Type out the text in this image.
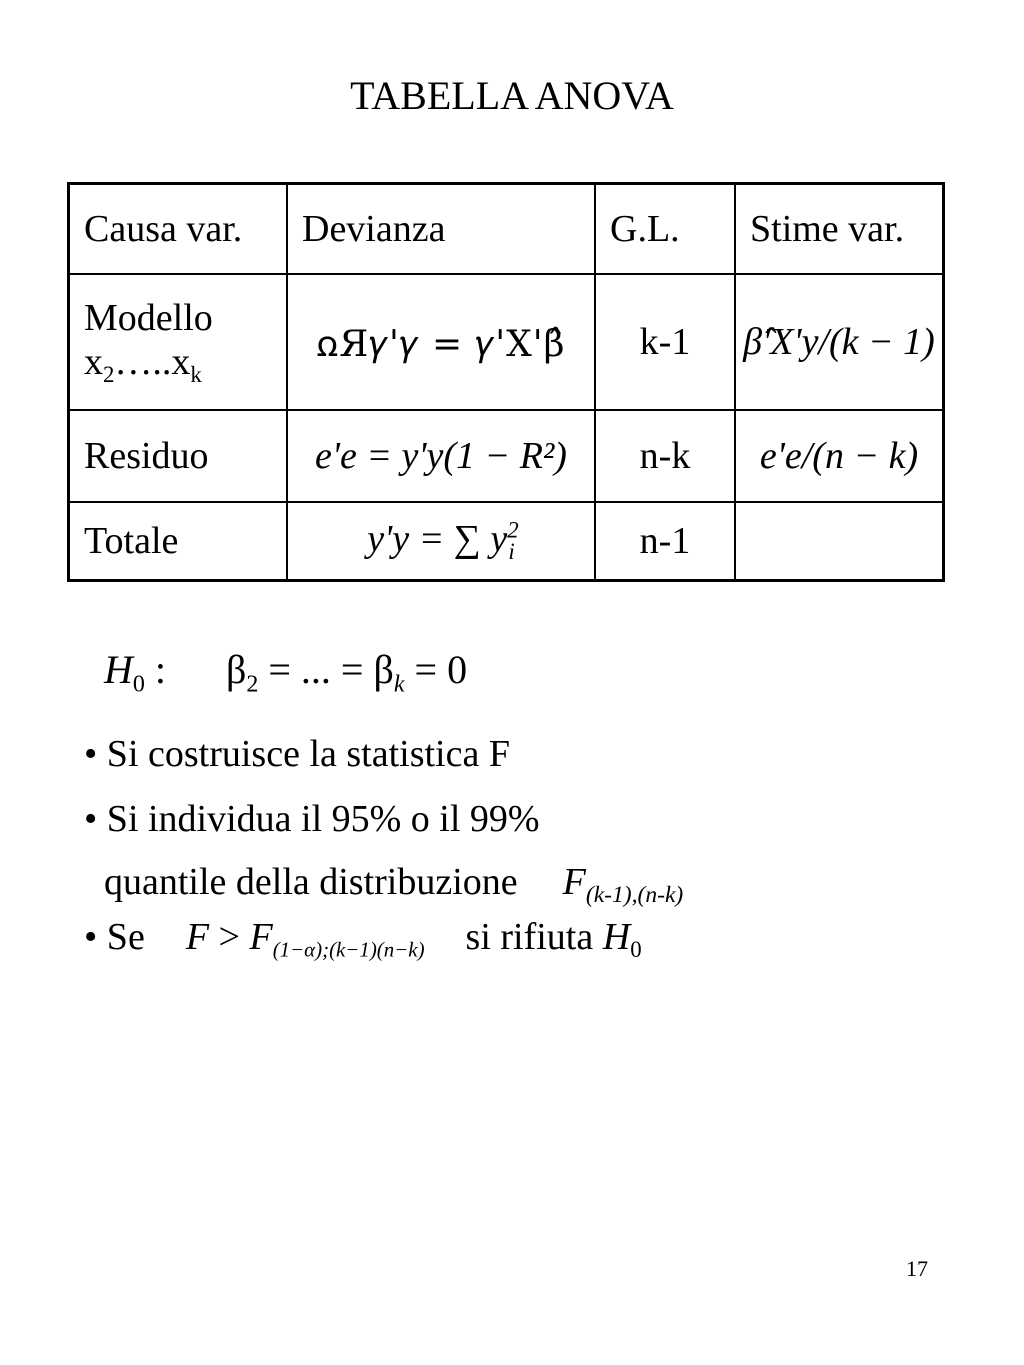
TABELLA ANOVA
Causa var.	Devianza	G.L.	Stime var.

Modello
$x_2\dots..x_k$	ꭥЯ𝛾'𝛾 = 𝛾'X'β̂	k-1	β̂'X'y/(k − 1)
Residuo	e'e = y'y(1 − R²)	n-k	e'e/(n − k)
Totale	y'y = ∑ $y^2_i$	n-1	
$H_0$ : $\beta_2$ = ... = $\beta_k = 0$
• Si costruisce la statistica F
• Si individua il 95% o il 99%
quantile della distribuzione $F_{(k-1),(n-k)}$
• Se $F > F_{(1-\alpha);(k-1)(n-k)}$ si rifiuta $H_0$
17
